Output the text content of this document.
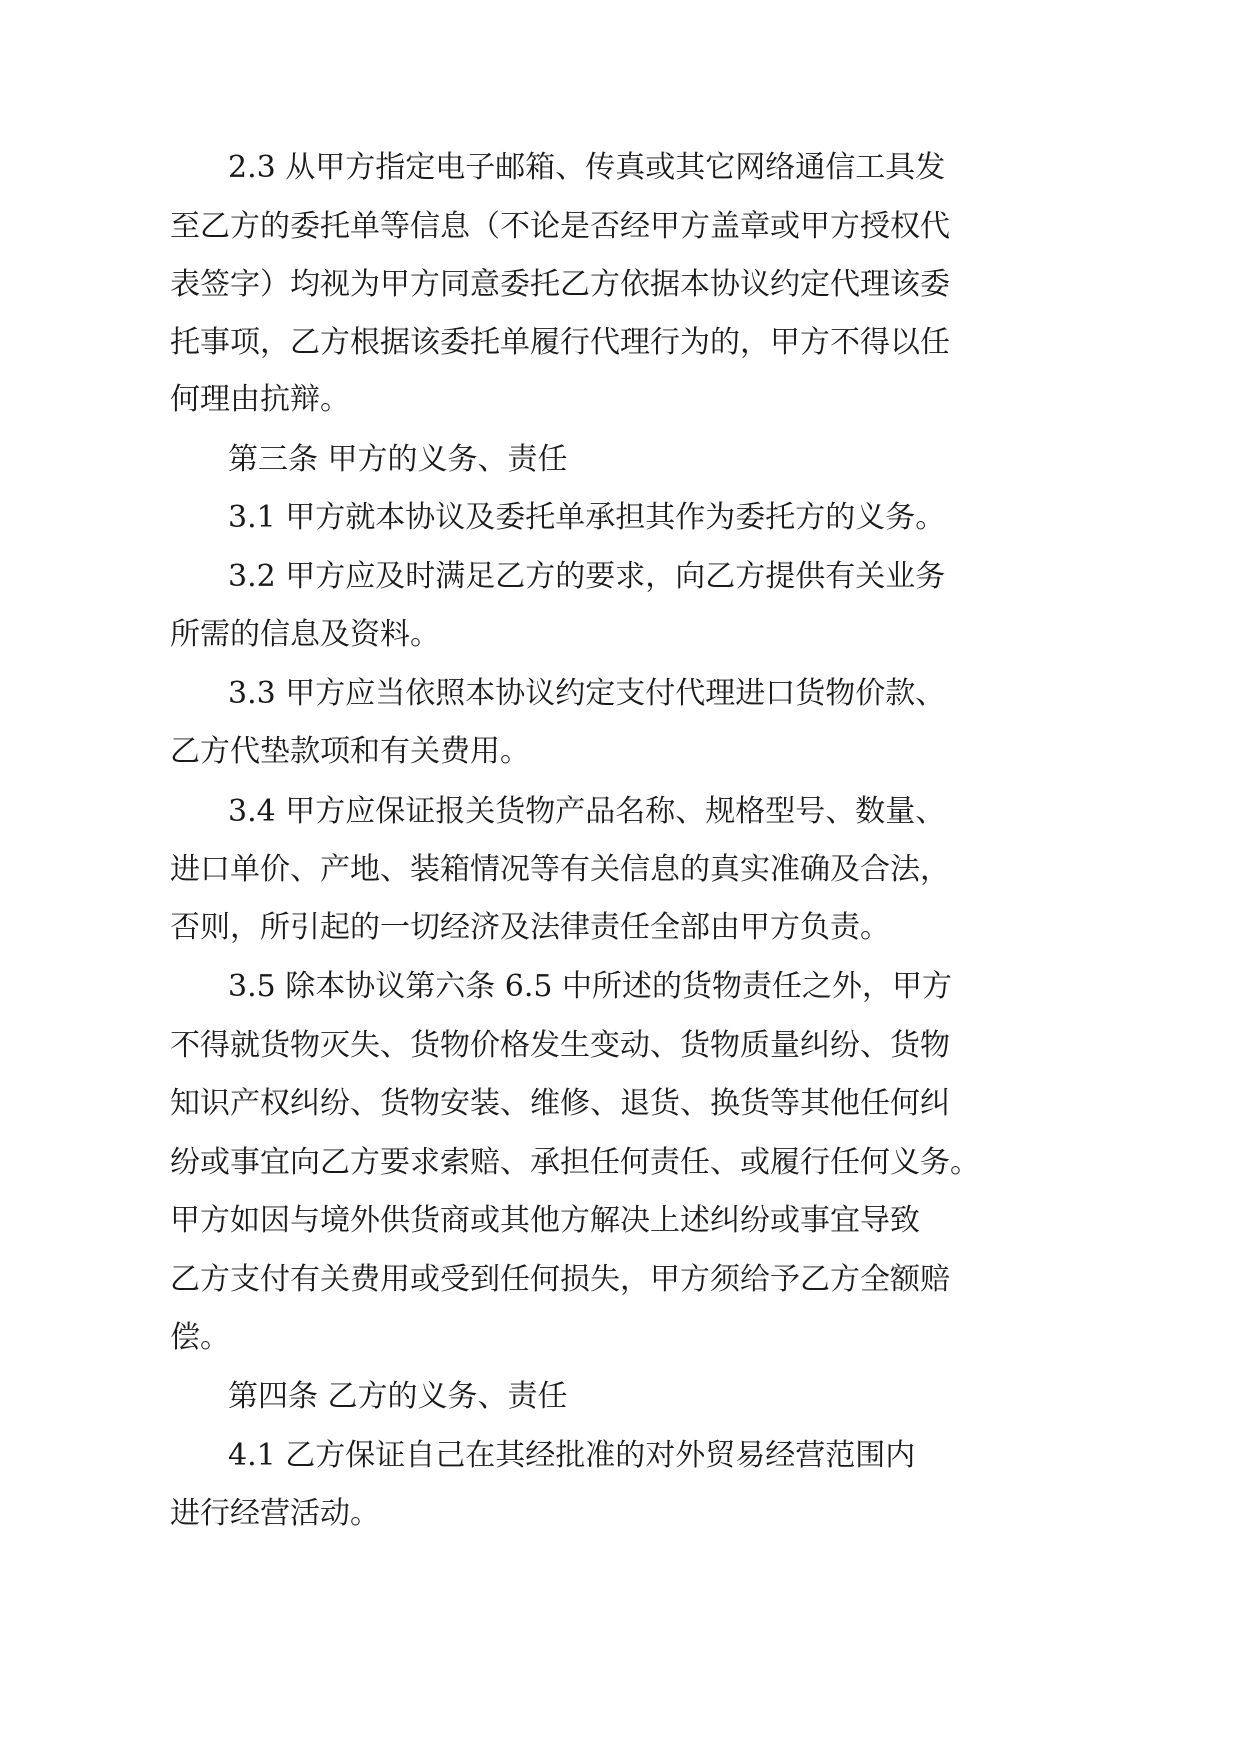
2.3 从甲方指定电子邮箱、传真或其它网络通信工具发
至乙方的委托单等信息（不论是否经甲方盖章或甲方授权代
表签字）均视为甲方同意委托乙方依据本协议约定代理该委
托事项，乙方根据该委托单履行代理行为的，甲方不得以任
何理由抗辩。
第三条 甲方的义务、责任
3.1 甲方就本协议及委托单承担其作为委托方的义务。
3.2 甲方应及时满足乙方的要求，向乙方提供有关业务
所需的信息及资料。
3.3 甲方应当依照本协议约定支付代理进口货物价款、
乙方代垫款项和有关费用。
3.4 甲方应保证报关货物产品名称、规格型号、数量、
进口单价、产地、装箱情况等有关信息的真实准确及合法，
否则，所引起的一切经济及法律责任全部由甲方负责。
3.5 除本协议第六条 6.5 中所述的货物责任之外，甲方
不得就货物灭失、货物价格发生变动、货物质量纠纷、货物
知识产权纠纷、货物安装、维修、退货、换货等其他任何纠
纷或事宜向乙方要求索赔、承担任何责任、或履行任何义务。
甲方如因与境外供货商或其他方解决上述纠纷或事宜导致
乙方支付有关费用或受到任何损失，甲方须给予乙方全额赔
偿。
第四条 乙方的义务、责任
4.1 乙方保证自己在其经批准的对外贸易经营范围内
进行经营活动。
